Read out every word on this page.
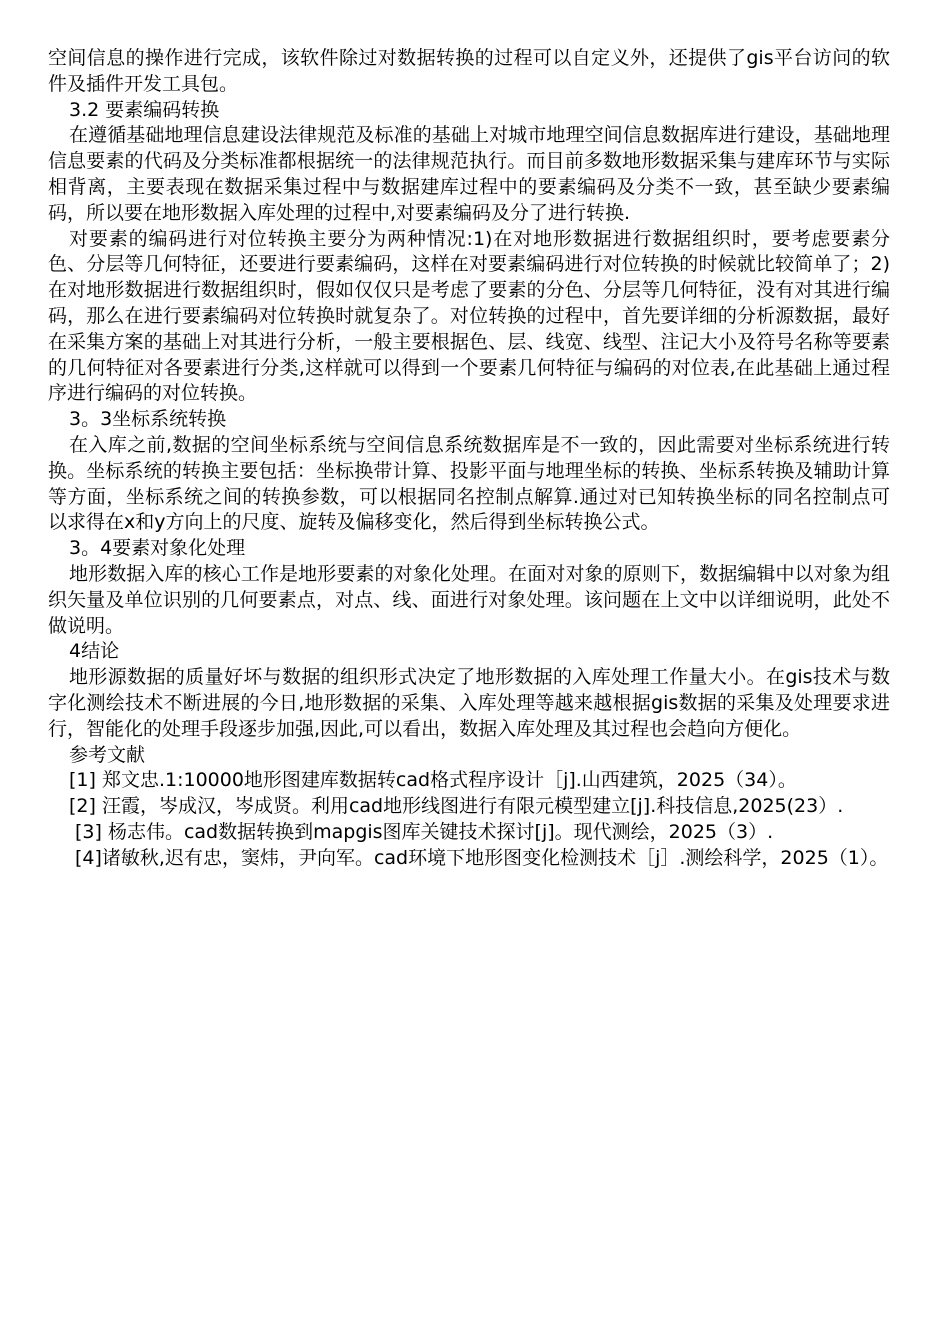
空间信息的操作进行完成，该软件除过对数据转换的过程可以自定义外，还提供了gis平台访问的软件及插件开发工具包。

3.2 要素编码转换

在遵循基础地理信息建设法律规范及标准的基础上对城市地理空间信息数据库进行建设，基础地理信息要素的代码及分类标准都根据统一的法律规范执行。而目前多数地形数据采集与建库环节与实际相背离，主要表现在数据采集过程中与数据建库过程中的要素编码及分类不一致，甚至缺少要素编码，所以要在地形数据入库处理的过程中,对要素编码及分了进行转换.

对要素的编码进行对位转换主要分为两种情况:1)在对地形数据进行数据组织时，要考虑要素分色、分层等几何特征，还要进行要素编码，这样在对要素编码进行对位转换的时候就比较简单了；2)在对地形数据进行数据组织时，假如仅仅只是考虑了要素的分色、分层等几何特征，没有对其进行编码，那么在进行要素编码对位转换时就复杂了。对位转换的过程中，首先要详细的分析源数据，最好在采集方案的基础上对其进行分析，一般主要根据色、层、线宽、线型、注记大小及符号名称等要素的几何特征对各要素进行分类,这样就可以得到一个要素几何特征与编码的对位表,在此基础上通过程序进行编码的对位转换。

3。3坐标系统转换

在入库之前,数据的空间坐标系统与空间信息系统数据库是不一致的，因此需要对坐标系统进行转换。坐标系统的转换主要包括：坐标换带计算、投影平面与地理坐标的转换、坐标系转换及辅助计算等方面，坐标系统之间的转换参数，可以根据同名控制点解算.通过对已知转换坐标的同名控制点可以求得在x和y方向上的尺度、旋转及偏移变化，然后得到坐标转换公式。

3。4要素对象化处理

地形数据入库的核心工作是地形要素的对象化处理。在面对对象的原则下，数据编辑中以对象为组织矢量及单位识别的几何要素点，对点、线、面进行对象处理。该问题在上文中以详细说明，此处不做说明。

4结论

地形源数据的质量好坏与数据的组织形式决定了地形数据的入库处理工作量大小。在gis技术与数字化测绘技术不断进展的今日,地形数据的采集、入库处理等越来越根据gis数据的采集及处理要求进行，智能化的处理手段逐步加强,因此,可以看出，数据入库处理及其过程也会趋向方便化。

参考文献

[1] 郑文忠.1:10000地形图建库数据转cad格式程序设计［j].山西建筑，2025（34）。

[2] 汪霞，岑成汉，岑成贤。利用cad地形线图进行有限元模型建立[j].科技信息,2025(23）.

[3] 杨志伟。cad数据转换到mapgis图库关键技术探讨[j]。现代测绘，2025（3）.

[4]诸敏秋,迟有忠，窦炜，尹向军。cad环境下地形图变化检测技术［j］.测绘科学，2025（1）。
